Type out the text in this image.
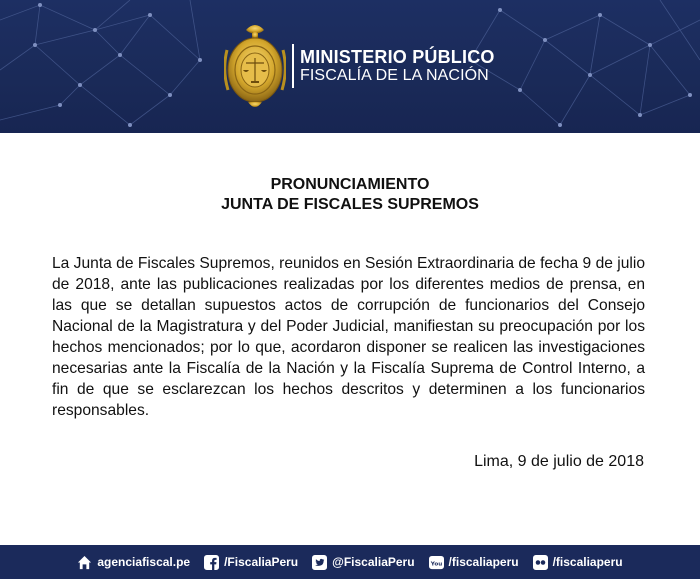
MINISTERIO PÚBLICO
FISCALÍA DE LA NACIÓN
PRONUNCIAMIENTO
JUNTA DE FISCALES SUPREMOS
La Junta de Fiscales Supremos, reunidos en Sesión Extraordinaria de fecha 9 de julio de 2018, ante las publicaciones realizadas por los diferentes medios de prensa, en las que se detallan supuestos actos de corrupción de funcionarios del Consejo Nacional de la Magistratura y del Poder Judicial, manifiestan su preocupación por los hechos mencionados; por lo que, acordaron disponer se realicen las investigaciones necesarias ante la Fiscalía de la Nación y la Fiscalía Suprema de Control Interno, a fin de que se esclarezcan los hechos descritos y determinen a los funcionarios responsables.
Lima, 9 de julio de 2018
agenciafiscal.pe	/FiscaliaPeru	@FiscaliaPeru	You /fiscaliaperu	/fiscaliaperu
